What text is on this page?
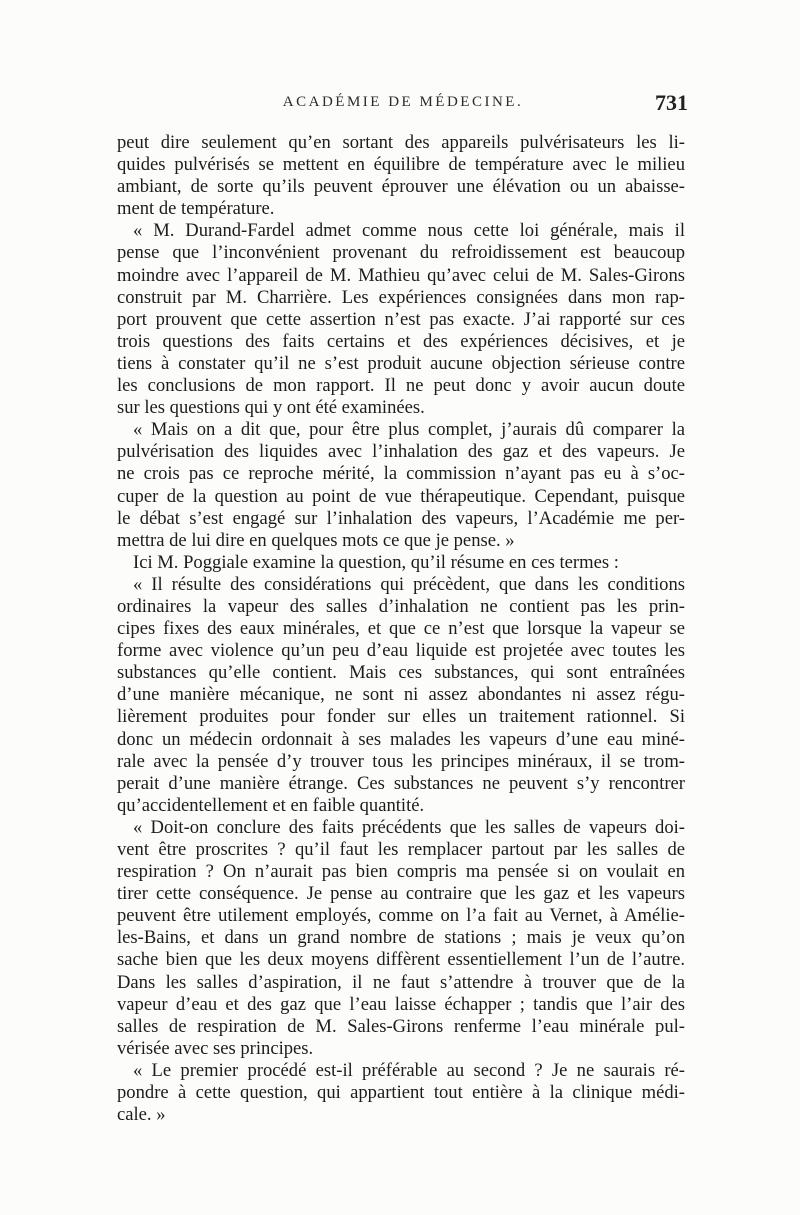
ACADÉMIE DE MÉDECINE.	731
peut dire seulement qu’en sortant des appareils pulvérisateurs les li-
quides pulvérisés se mettent en équilibre de température avec le milieu
ambiant, de sorte qu’ils peuvent éprouver une élévation ou un abaisse-
ment de température.
« M. Durand-Fardel admet comme nous cette loi générale, mais il
pense que l’inconvénient provenant du refroidissement est beaucoup
moindre avec l’appareil de M. Mathieu qu’avec celui de M. Sales-Girons
construit par M. Charrière. Les expériences consignées dans mon rap-
port prouvent que cette assertion n’est pas exacte. J’ai rapporté sur ces
trois questions des faits certains et des expériences décisives, et je
tiens à constater qu’il ne s’est produit aucune objection sérieuse contre
les conclusions de mon rapport. Il ne peut donc y avoir aucun doute
sur les questions qui y ont été examinées.
« Mais on a dit que, pour être plus complet, j’aurais dû comparer la
pulvérisation des liquides avec l’inhalation des gaz et des vapeurs. Je
ne crois pas ce reproche mérité, la commission n’ayant pas eu à s’oc-
cuper de la question au point de vue thérapeutique. Cependant, puisque
le débat s’est engagé sur l’inhalation des vapeurs, l’Académie me per-
mettra de lui dire en quelques mots ce que je pense. »
Ici M. Poggiale examine la question, qu’il résume en ces termes :
« Il résulte des considérations qui précèdent, que dans les conditions
ordinaires la vapeur des salles d’inhalation ne contient pas les prin-
cipes fixes des eaux minérales, et que ce n’est que lorsque la vapeur se
forme avec violence qu’un peu d’eau liquide est projetée avec toutes les
substances qu’elle contient. Mais ces substances, qui sont entraînées
d’une manière mécanique, ne sont ni assez abondantes ni assez régu-
lièrement produites pour fonder sur elles un traitement rationnel. Si
donc un médecin ordonnait à ses malades les vapeurs d’une eau miné-
rale avec la pensée d’y trouver tous les principes minéraux, il se trom-
perait d’une manière étrange. Ces substances ne peuvent s’y rencontrer
qu’accidentellement et en faible quantité.
« Doit-on conclure des faits précédents que les salles de vapeurs doi-
vent être proscrites ? qu’il faut les remplacer partout par les salles de
respiration ? On n’aurait pas bien compris ma pensée si on voulait en
tirer cette conséquence. Je pense au contraire que les gaz et les vapeurs
peuvent être utilement employés, comme on l’a fait au Vernet, à Amélie-
les-Bains, et dans un grand nombre de stations ; mais je veux qu’on
sache bien que les deux moyens diffèrent essentiellement l’un de l’autre.
Dans les salles d’aspiration, il ne faut s’attendre à trouver que de la
vapeur d’eau et des gaz que l’eau laisse échapper ; tandis que l’air des
salles de respiration de M. Sales-Girons renferme l’eau minérale pul-
vérisée avec ses principes.
« Le premier procédé est-il préférable au second ? Je ne saurais ré-
pondre à cette question, qui appartient tout entière à la clinique médi-
cale. »
